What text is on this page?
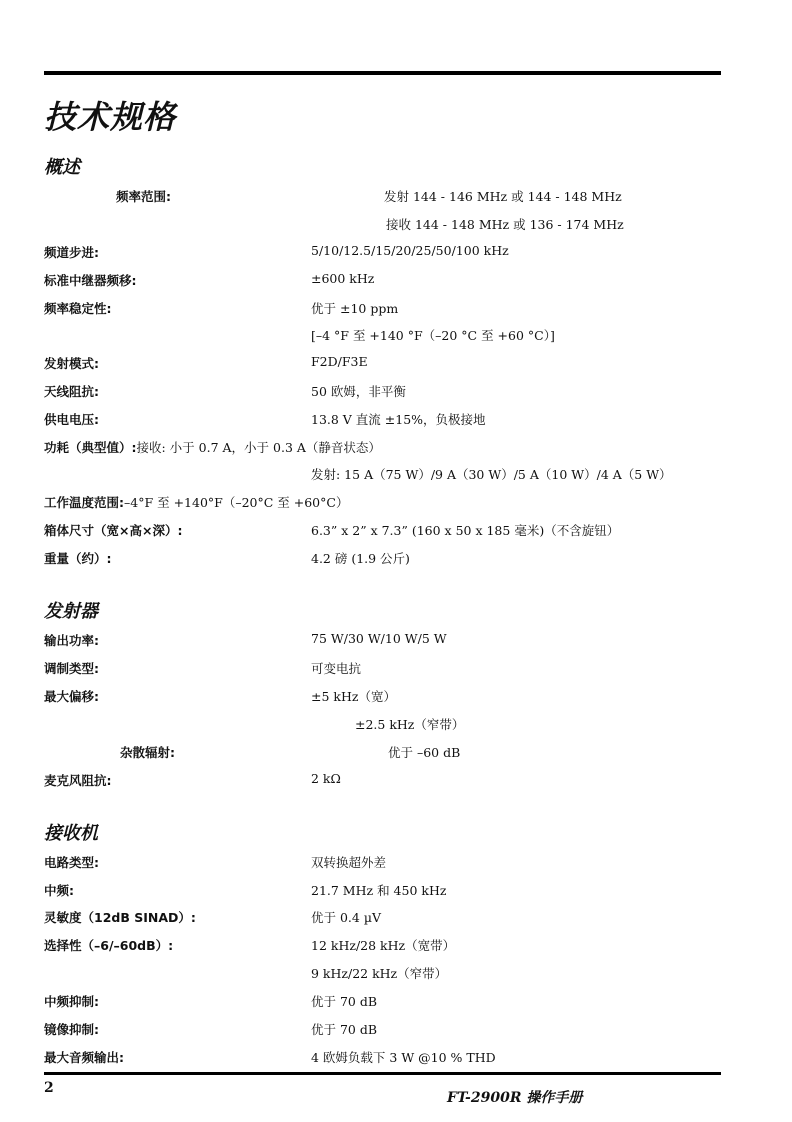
技术规格
概述
频率范围:	发射 144 - 146 MHz 或 144 - 148 MHz
接收 144 - 148 MHz 或 136 - 174 MHz
频道步进:	5/10/12.5/15/20/25/50/100 kHz
标准中继器频移:	±600 kHz
频率稳定性:	优于 ±10 ppm
[–4 °F 至 +140 °F（–20 °C 至 +60 °C）]
发射模式:	F2D/F3E
天线阻抗:	50 欧姆，非平衡
供电电压:	13.8 V 直流 ±15%，负极接地
功耗（典型值）:接收: 小于 0.7 A，小于 0.3 A（静音状态）
发射: 15 A（75 W）/9 A（30 W）/5 A（10 W）/4 A（5 W）
工作温度范围:–4°F 至 +140°F（–20°C 至 +60°C）
箱体尺寸（宽×高×深）:	6.3” x 2” x 7.3” (160 x 50 x 185 毫米)（不含旋钮）
重量（约）:	4.2 磅 (1.9 公斤)
发射器
输出功率:	75 W/30 W/10 W/5 W
调制类型:	可变电抗
最大偏移:	±5 kHz（宽）
±2.5 kHz（窄带）
杂散辐射:	优于 –60 dB
麦克风阻抗:	2 kΩ
接收机
电路类型:	双转换超外差
中频:	21.7 MHz 和 450 kHz
灵敏度（12dB SINAD）:	优于 0.4 µV
选择性（–6/–60dB）:	12 kHz/28 kHz（宽带）
9 kHz/22 kHz（窄带）
中频抑制:	优于 70 dB
镜像抑制:	优于 70 dB
最大音频输出:	4 欧姆负载下 3 W @10 % THD
2
FT-2900R 操作手册
